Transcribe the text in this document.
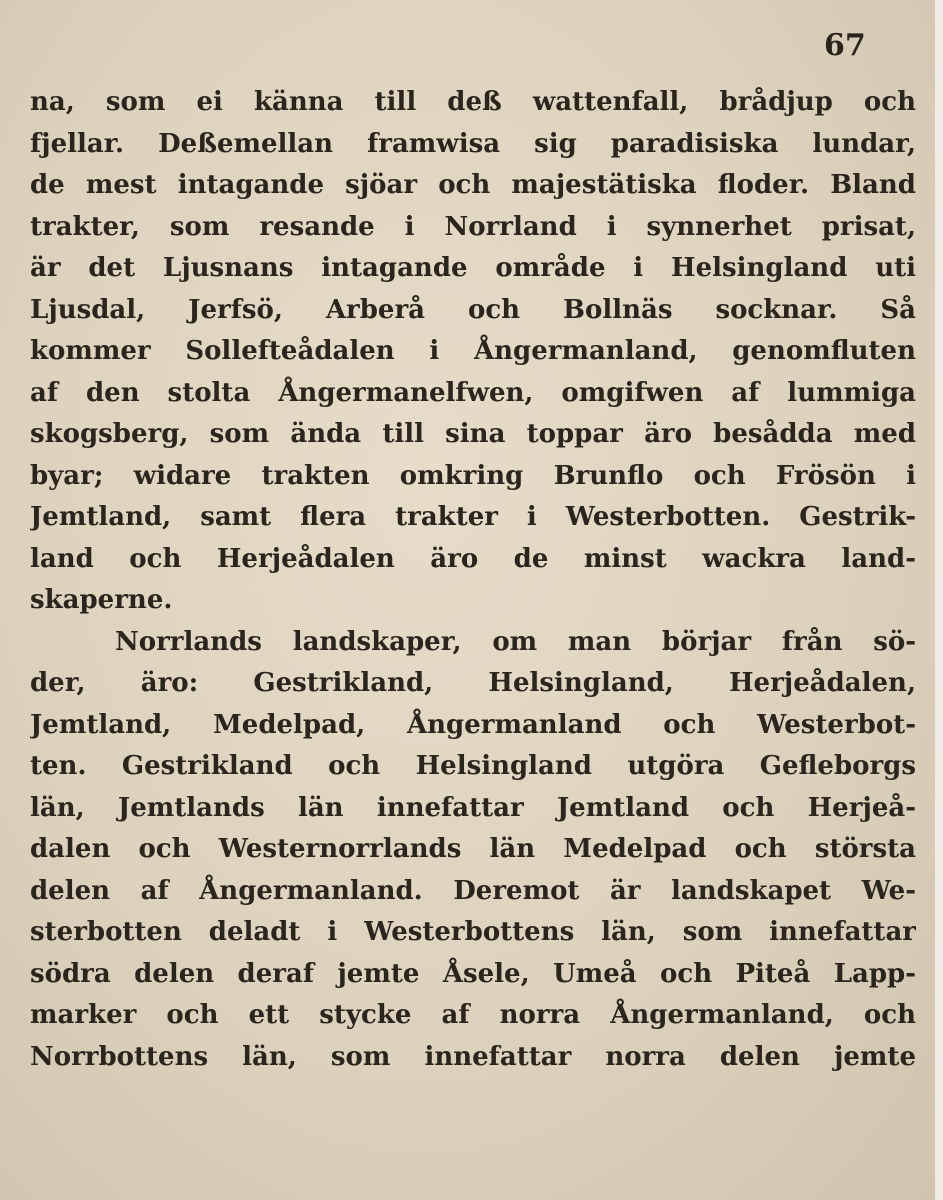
67
na, som ei känna till deß wattenfall, brådjup och
fjellar. Deßemellan framwisa sig paradisiska lundar,
de mest intagande sjöar och majestätiska floder. Bland
trakter, som resande i Norrland i synnerhet prisat,
är det Ljusnans intagande område i Helsingland uti
Ljusdal, Jerfsö, Arberå och Bollnäs socknar. Så
kommer Sollefteådalen i Ångermanland, genomfluten
af den stolta Ångermanelfwen, omgifwen af lummiga
skogsberg, som ända till sina toppar äro besådda med
byar; widare trakten omkring Brunflo och Frösön i
Jemtland, samt flera trakter i Westerbotten. Gestrik-
land och Herjeådalen äro de minst wackra land-
skaperne.
Norrlands landskaper, om man börjar från sö-
der, äro: Gestrikland, Helsingland, Herjeådalen,
Jemtland, Medelpad, Ångermanland och Westerbot-
ten. Gestrikland och Helsingland utgöra Gefleborgs
län, Jemtlands län innefattar Jemtland och Herjeå-
dalen och Westernorrlands län Medelpad och största
delen af Ångermanland. Deremot är landskapet We-
sterbotten deladt i Westerbottens län, som innefattar
södra delen deraf jemte Åsele, Umeå och Piteå Lapp-
marker och ett stycke af norra Ångermanland, och
Norrbottens län, som innefattar norra delen jemte
